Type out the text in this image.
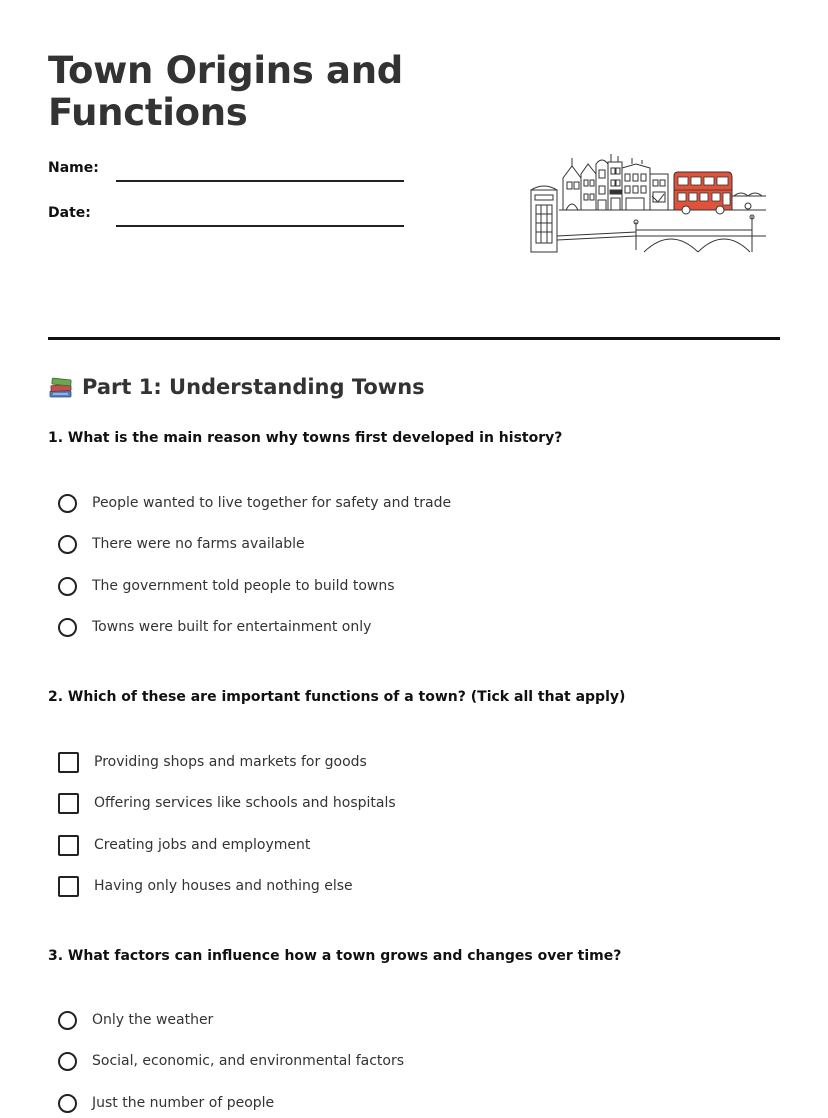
Town Origins and
Functions
Name:
Date:
Part 1: Understanding Towns
1. What is the main reason why towns first developed in history?
People wanted to live together for safety and trade
There were no farms available
The government told people to build towns
Towns were built for entertainment only
2. Which of these are important functions of a town? (Tick all that apply)
Providing shops and markets for goods
Offering services like schools and hospitals
Creating jobs and employment
Having only houses and nothing else
3. What factors can influence how a town grows and changes over time?
Only the weather
Social, economic, and environmental factors
Just the number of people
